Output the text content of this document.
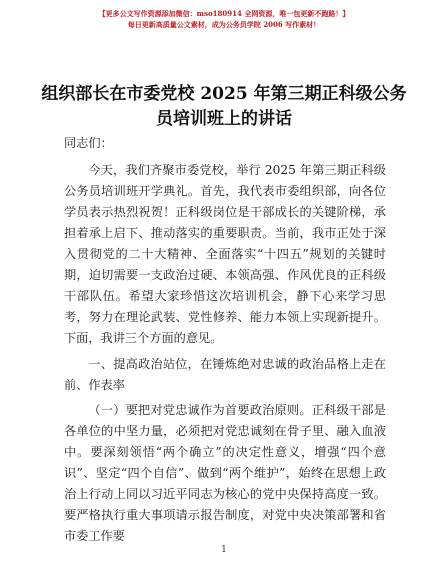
【更多公文写作资源添加微信：mso180914 全网资源，唯一包更新不跑路！】
每日更新高质量公文素材，成为公务员学院 2006 写作素材！
组织部长在市委党校 2025 年第三期正科级公务员培训班上的讲话

同志们：

今天，我们齐聚市委党校，举行 2025 年第三期正科级公务员培训班开学典礼。首先，我代表市委组织部，向各位学员表示热烈祝贺！正科级岗位是干部成长的关键阶梯，承担着承上启下、推动落实的重要职责。当前，我市正处于深入贯彻党的二十大精神、全面落实“十四五”规划的关键时期，迫切需要一支政治过硬、本领高强、作风优良的正科级干部队伍。希望大家珍惜这次培训机会，静下心来学习思考，努力在理论武装、党性修养、能力本领上实现新提升。下面，我讲三个方面的意见。

一、提高政治站位，在锤炼绝对忠诚的政治品格上走在前、作表率

（一）要把对党忠诚作为首要政治原则。正科级干部是各单位的中坚力量，必须把对党忠诚刻在骨子里、融入血液中。要深刻领悟“两个确立”的决定性意义，增强“四个意识”、坚定“四个自信”、做到“两个维护”，始终在思想上政治上行动上同以习近平同志为核心的党中央保持高度一致。要严格执行重大事项请示报告制度，对党中央决策部署和省市委工作要

1
